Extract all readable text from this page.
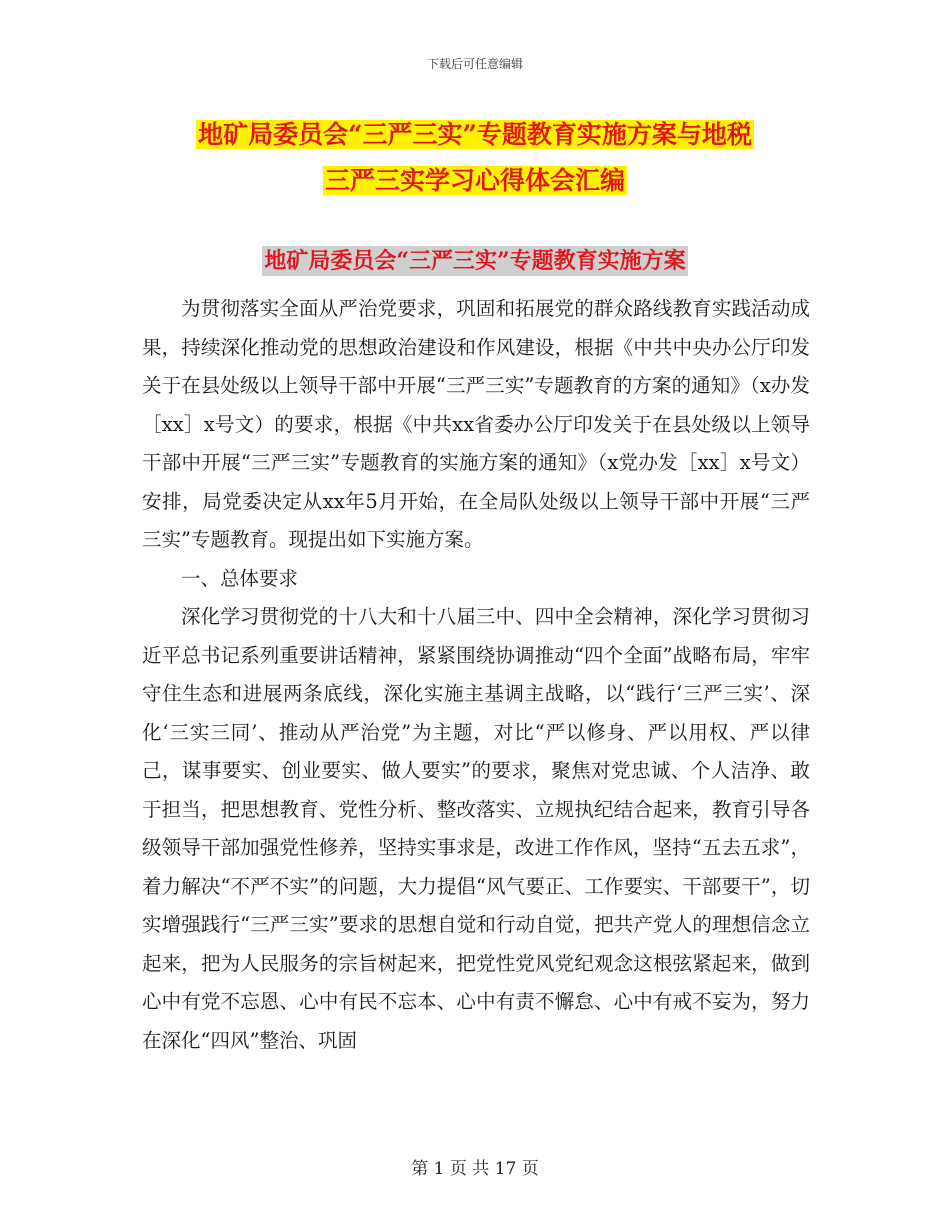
下载后可任意编辑
地矿局委员会“三严三实”专题教育实施方案与地税
三严三实学习心得体会汇编
地矿局委员会“三严三实”专题教育实施方案

为贯彻落实全面从严治党要求，巩固和拓展党的群众路线教育实践活动成果，持续深化推动党的思想政治建设和作风建设，根据《中共中央办公厅印发关于在县处级以上领导干部中开展“三严三实”专题教育的方案的通知》（x办发［xx］x号文）的要求，根据《中共xx省委办公厅印发关于在县处级以上领导干部中开展“三严三实”专题教育的实施方案的通知》（x党办发［xx］x号文）安排，局党委决定从xx年5月开始，在全局队处级以上领导干部中开展“三严三实”专题教育。现提出如下实施方案。

一、总体要求

深化学习贯彻党的十八大和十八届三中、四中全会精神，深化学习贯彻习近平总书记系列重要讲话精神，紧紧围绕协调推动“四个全面”战略布局，牢牢守住生态和进展两条底线，深化实施主基调主战略，以“践行‘三严三实’、深化‘三实三同’、推动从严治党”为主题，对比“严以修身、严以用权、严以律己，谋事要实、创业要实、做人要实”的要求，聚焦对党忠诚、个人洁净、敢于担当，把思想教育、党性分析、整改落实、立规执纪结合起来，教育引导各级领导干部加强党性修养，坚持实事求是，改进工作作风，坚持“五去五求”，着力解决“不严不实”的问题，大力提倡“风气要正、工作要实、干部要干”，切实增强践行“三严三实”要求的思想自觉和行动自觉，把共产党人的理想信念立起来，把为人民服务的宗旨树起来，把党性党风党纪观念这根弦紧起来，做到心中有党不忘恩、心中有民不忘本、心中有责不懈怠、心中有戒不妄为，努力在深化“四风”整治、巩固

第 1 页 共 17 页
